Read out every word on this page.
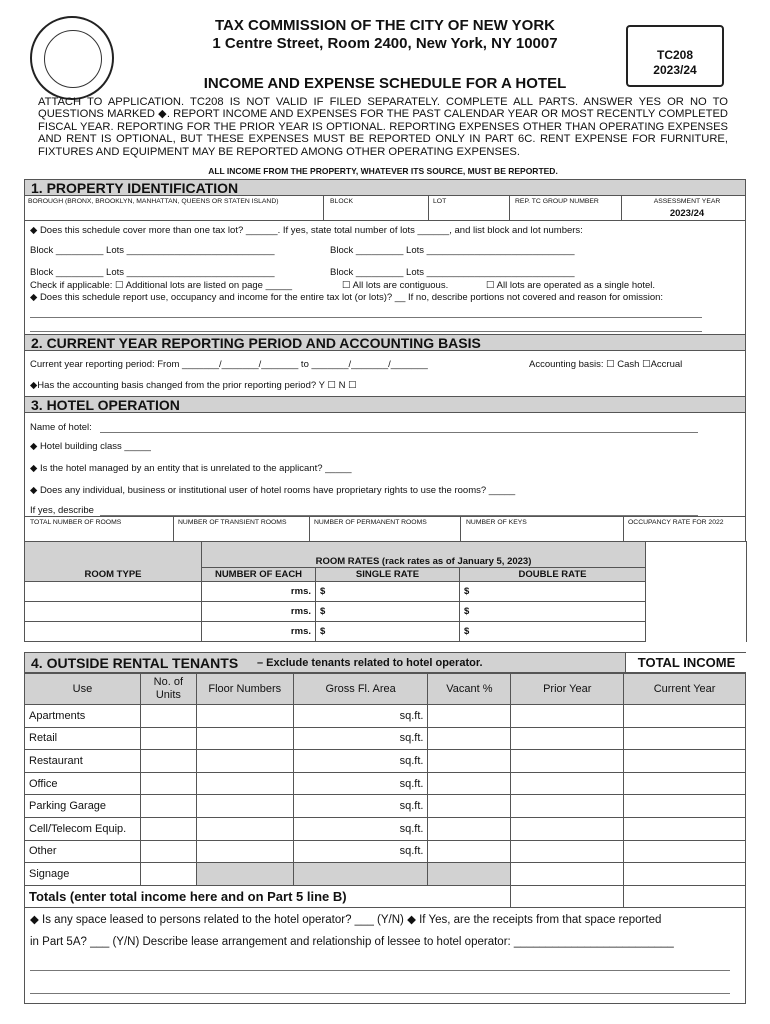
TAX COMMISSION OF THE CITY OF NEW YORK
1 Centre Street, Room 2400, New York, NY 10007
TC208
2023/24
INCOME AND EXPENSE SCHEDULE FOR A HOTEL
ATTACH TO APPLICATION. TC208 IS NOT VALID IF FILED SEPARATELY. COMPLETE ALL PARTS. ANSWER YES OR NO TO QUESTIONS MARKED ◆. REPORT INCOME AND EXPENSES FOR THE PAST CALENDAR YEAR OR MOST RECENTLY COMPLETED FISCAL YEAR. REPORTING FOR THE PRIOR YEAR IS OPTIONAL. REPORTING EXPENSES OTHER THAN OPERATING EXPENSES AND RENT IS OPTIONAL, BUT THESE EXPENSES MUST BE REPORTED ONLY IN PART 6C. RENT EXPENSE FOR FURNITURE, FIXTURES AND EQUIPMENT MAY BE REPORTED AMONG OTHER OPERATING EXPENSES.
ALL INCOME FROM THE PROPERTY, WHATEVER ITS SOURCE, MUST BE REPORTED.
1. PROPERTY IDENTIFICATION
BOROUGH (BRONX, BROOKLYN, MANHATTAN, QUEENS OR STATEN ISLAND)	BLOCK	LOT	REP. TC GROUP NUMBER	ASSESSMENT YEAR
2023/24
◆ Does this schedule cover more than one tax lot? ______. If yes, state total number of lots ______, and list block and lot numbers:
Block _________ Lots ____________________________	Block _________ Lots ____________________________
Block _________ Lots ____________________________	Block _________ Lots ____________________________
Check if applicable: ☐ Additional lots are listed on page _____	☐ All lots are contiguous.	☐ All lots are operated as a single hotel.
◆ Does this schedule report use, occupancy and income for the entire tax lot (or lots)? __ If no, describe portions not covered and reason for omission:
2. CURRENT YEAR REPORTING PERIOD AND ACCOUNTING BASIS
Current year reporting period: From _______/_______/_______ to _______/_______/_______	Accounting basis: ☐ Cash ☐Accrual
◆Has the accounting basis changed from the prior reporting period? Y ☐ N ☐
3. HOTEL OPERATION
Name of hotel:
◆ Hotel building class _____
◆ Is the hotel managed by an entity that is unrelated to the applicant? _____
◆ Does any individual, business or institutional user of hotel rooms have proprietary rights to use the rooms? _____
If yes, describe
TOTAL NUMBER OF ROOMS	NUMBER OF TRANSIENT ROOMS	NUMBER OF PERMANENT ROOMS	NUMBER OF KEYS	OCCUPANCY RATE FOR 2022
	ROOM RATES (rack rates as of January 5, 2023)			
ROOM TYPE	NUMBER OF EACH	SINGLE RATE	DOUBLE RATE	
	rms.	$	$	
	rms.	$	$	
	rms.	$	$	
4. OUTSIDE RENTAL TENANTS – Exclude tenants related to hotel operator.	TOTAL INCOME
Use	No. of Units	Floor Numbers	Gross Fl. Area	Vacant %	Prior Year	Current Year
Apartments			sq.ft.			
Retail			sq.ft.			
Restaurant			sq.ft.			
Office			sq.ft.			
Parking Garage			sq.ft.			
Cell/Telecom Equip.			sq.ft.			
Other			sq.ft.			
Signage						
Totals (enter total income here and on Part 5 line B)						
◆ Is any space leased to persons related to the hotel operator? ___ (Y/N) ◆ If Yes, are the receipts from that space reported
in Part 5A? ___ (Y/N) Describe lease arrangement and relationship of lessee to hotel operator: _________________________
